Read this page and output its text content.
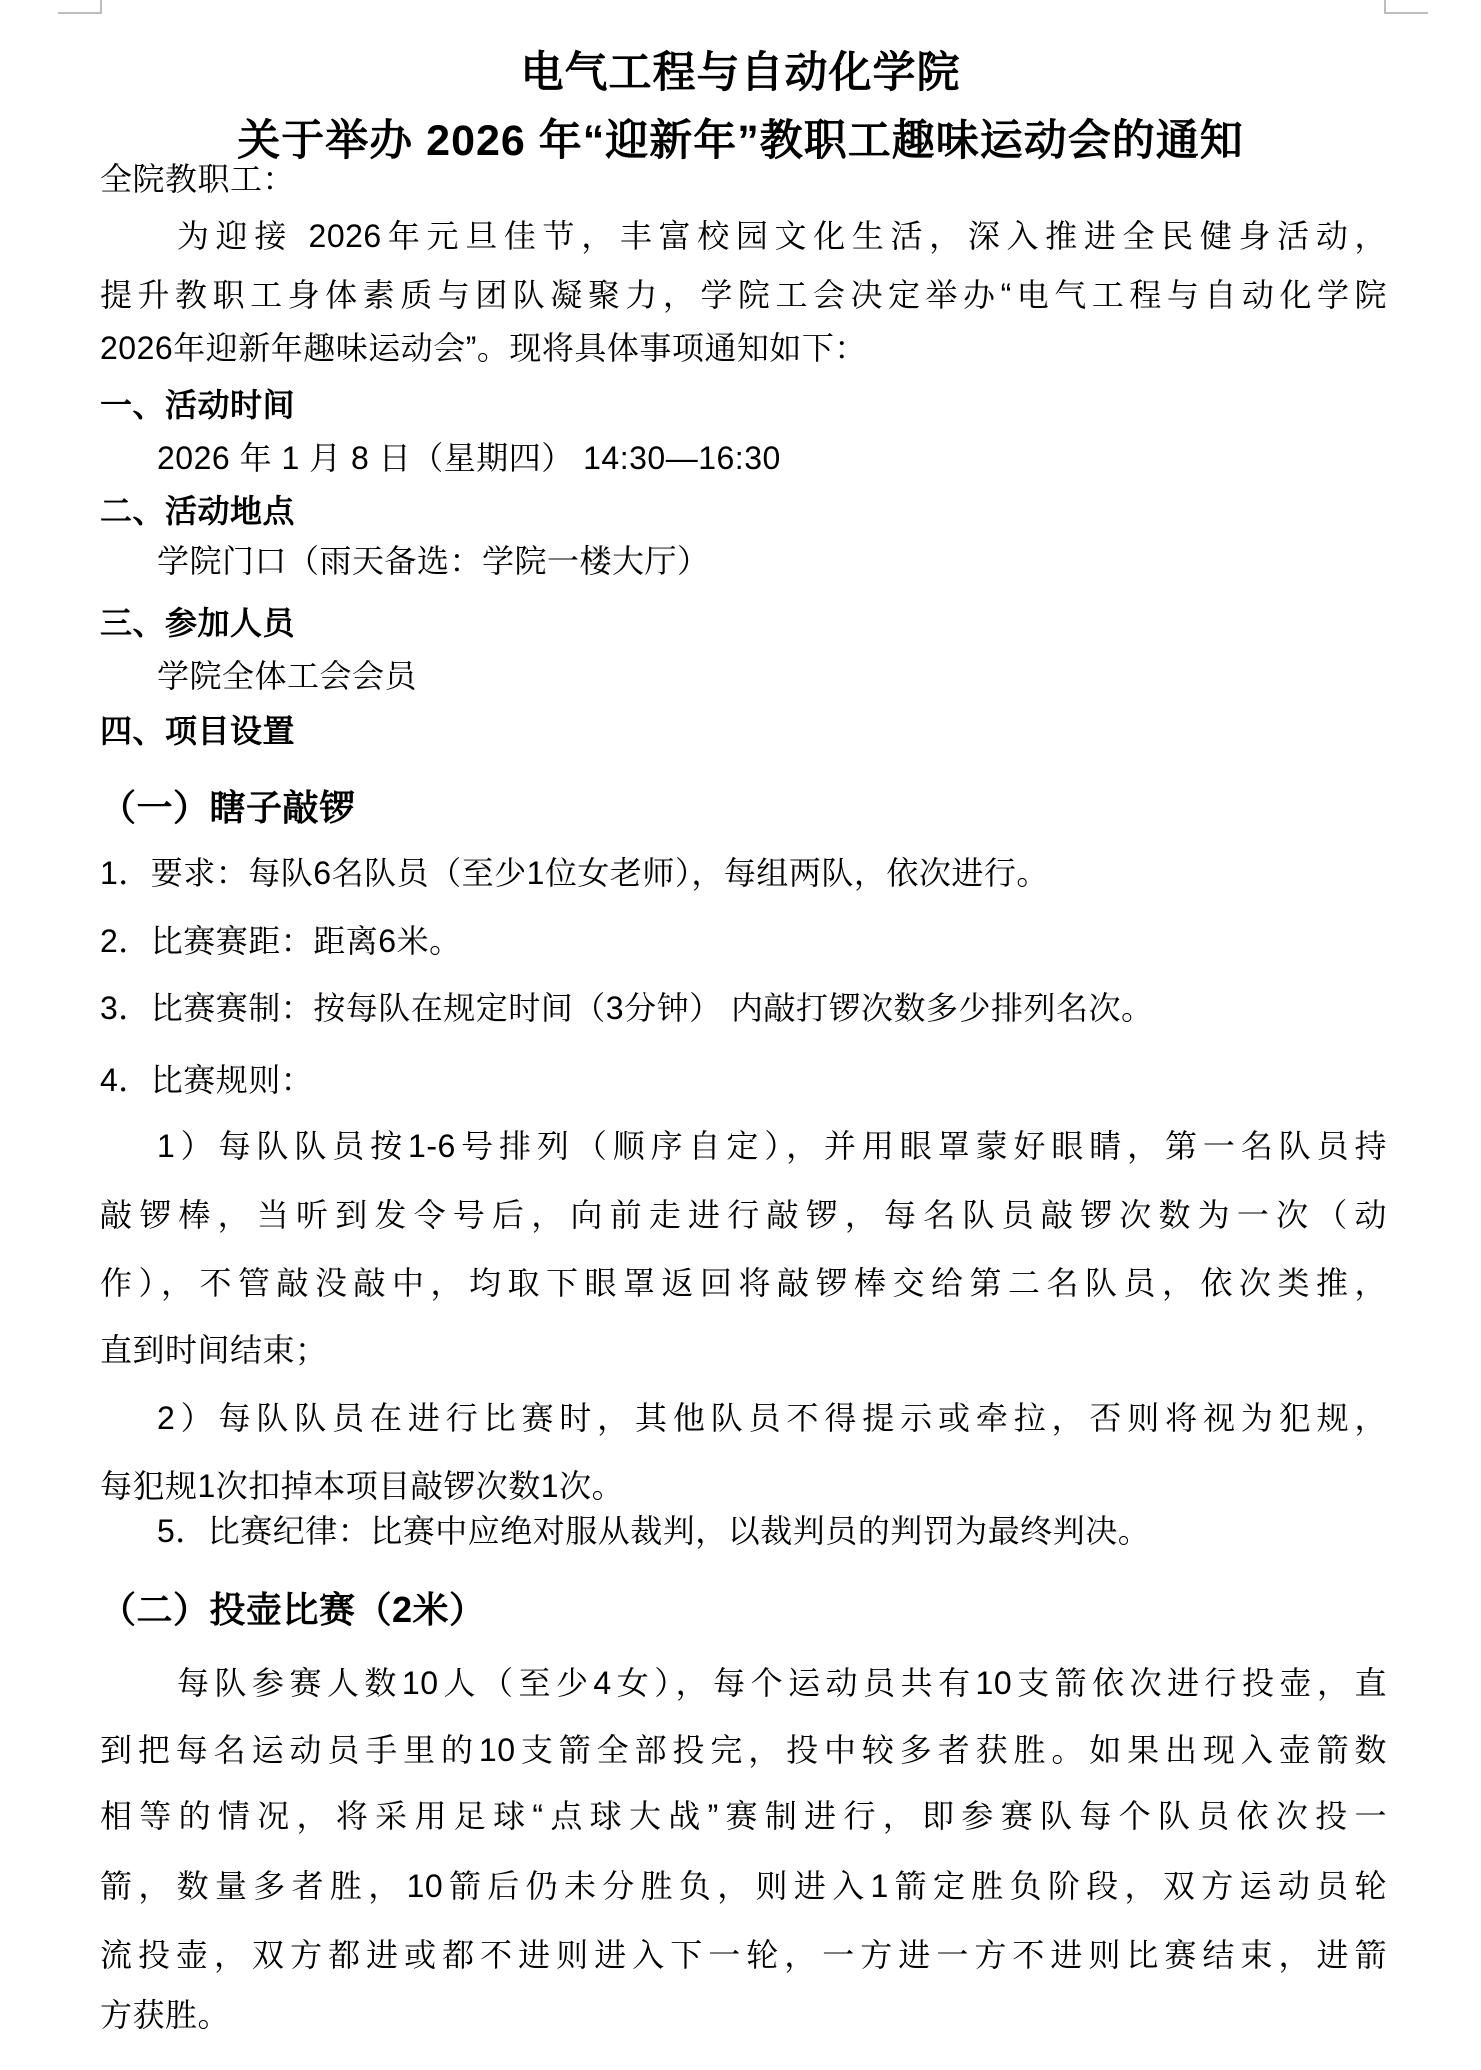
电气工程与自动化学院
关于举办 2026 年“迎新年”教职工趣味运动会的通知
全院教职工：
为迎接 2026年元旦佳节，丰富校园文化生活，深入推进全民健身活动，
提升教职工身体素质与团队凝聚力，学院工会决定举办“电气工程与自动化学院
2026年迎新年趣味运动会”。现将具体事项通知如下：
一、活动时间
2026 年 1 月 8 日（星期四） 14:30—16:30
二、活动地点
学院门口（雨天备选：学院一楼大厅）
三、参加人员
学院全体工会会员
四、项目设置
（一）瞎子敲锣
1．要求：每队6名队员（至少1位女老师），每组两队，依次进行。
2．比赛赛距：距离6米。
3．比赛赛制：按每队在规定时间（3分钟） 内敲打锣次数多少排列名次。
4．比赛规则：
1）每队队员按1-6号排列（顺序自定），并用眼罩蒙好眼睛，第一名队员持
敲锣棒，当听到发令号后，向前走进行敲锣，每名队员敲锣次数为一次（动
作），不管敲没敲中，均取下眼罩返回将敲锣棒交给第二名队员，依次类推，
直到时间结束；
2）每队队员在进行比赛时，其他队员不得提示或牵拉，否则将视为犯规，
每犯规1次扣掉本项目敲锣次数1次。
5．比赛纪律：比赛中应绝对服从裁判，以裁判员的判罚为最终判决。
（二）投壶比赛（2米）
每队参赛人数10人（至少4女），每个运动员共有10支箭依次进行投壶，直
到把每名运动员手里的10支箭全部投完，投中较多者获胜。如果出现入壶箭数
相等的情况，将采用足球“点球大战”赛制进行，即参赛队每个队员依次投一
箭，数量多者胜，10箭后仍未分胜负，则进入1箭定胜负阶段，双方运动员轮
流投壶，双方都进或都不进则进入下一轮，一方进一方不进则比赛结束，进箭
方获胜。
